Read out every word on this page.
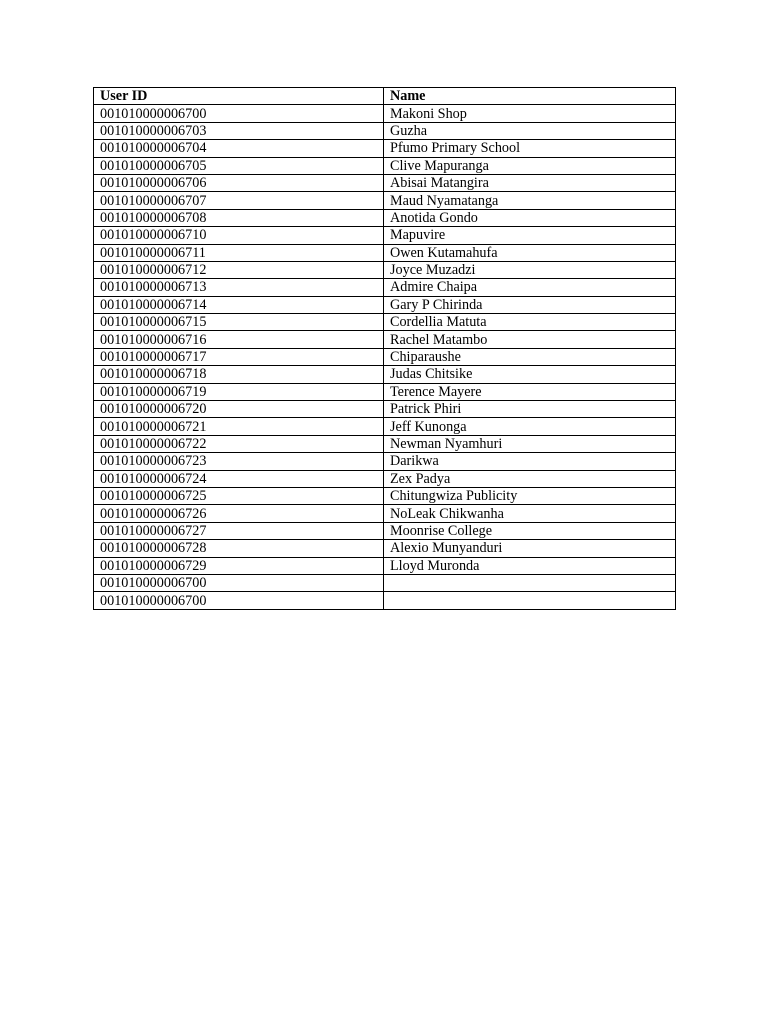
User ID	Name
001010000006700	Makoni Shop
001010000006703	Guzha
001010000006704	Pfumo Primary School
001010000006705	Clive Mapuranga
001010000006706	Abisai Matangira
001010000006707	Maud Nyamatanga
001010000006708	Anotida Gondo
001010000006710	Mapuvire
001010000006711	Owen Kutamahufa
001010000006712	Joyce Muzadzi
001010000006713	Admire Chaipa
001010000006714	Gary P Chirinda
001010000006715	Cordellia Matuta
001010000006716	Rachel Matambo
001010000006717	Chiparaushe
001010000006718	Judas Chitsike
001010000006719	Terence Mayere
001010000006720	Patrick Phiri
001010000006721	Jeff Kunonga
001010000006722	Newman Nyamhuri
001010000006723	Darikwa
001010000006724	Zex Padya
001010000006725	Chitungwiza Publicity
001010000006726	NoLeak Chikwanha
001010000006727	Moonrise College
001010000006728	Alexio Munyanduri
001010000006729	Lloyd Muronda
001010000006700	
001010000006700	
